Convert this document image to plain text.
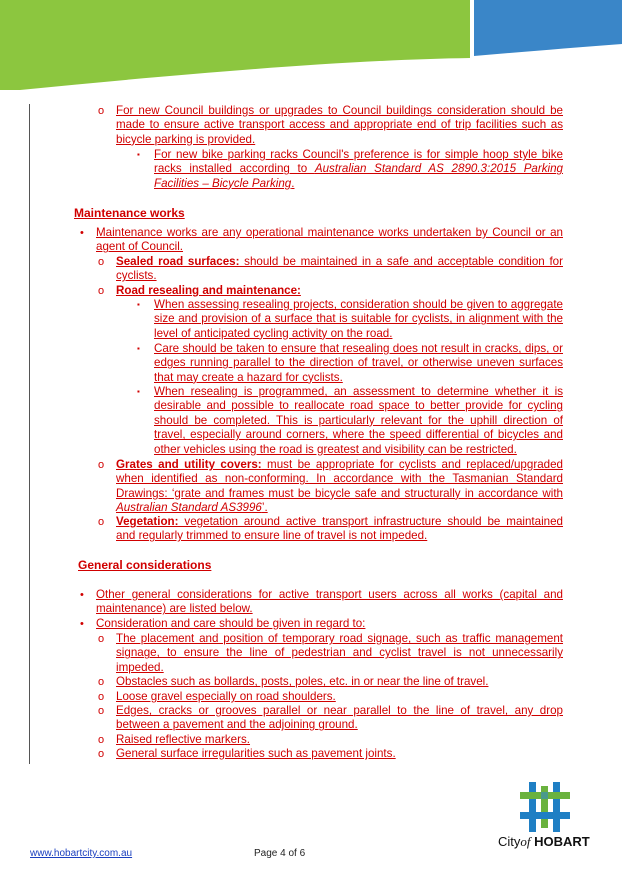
o For new Council buildings or upgrades to Council buildings consideration should be made to ensure active transport access and appropriate end of trip facilities such as bicycle parking is provided.
▪ For new bike parking racks Council's preference is for simple hoop style bike racks installed according to Australian Standard AS 2890.3:2015 Parking Facilities – Bicycle Parking.
Maintenance works
• Maintenance works are any operational maintenance works undertaken by Council or an agent of Council.
o Sealed road surfaces: should be maintained in a safe and acceptable condition for cyclists.
o Road resealing and maintenance:
▪ When assessing resealing projects, consideration should be given to aggregate size and provision of a surface that is suitable for cyclists, in alignment with the level of anticipated cycling activity on the road.
▪ Care should be taken to ensure that resealing does not result in cracks, dips, or edges running parallel to the direction of travel, or otherwise uneven surfaces that may create a hazard for cyclists.
▪ When resealing is programmed, an assessment to determine whether it is desirable and possible to reallocate road space to better provide for cycling should be completed. This is particularly relevant for the uphill direction of travel, especially around corners, where the speed differential of bicycles and other vehicles using the road is greatest and visibility can be restricted.
o Grates and utility covers: must be appropriate for cyclists and replaced/upgraded when identified as non-conforming. In accordance with the Tasmanian Standard Drawings: ‘grate and frames must be bicycle safe and structurally in accordance with Australian Standard AS3996’.
o Vegetation: vegetation around active transport infrastructure should be maintained and regularly trimmed to ensure line of travel is not impeded.
General considerations
• Other general considerations for active transport users across all works (capital and maintenance) are listed below.
• Consideration and care should be given in regard to:
o The placement and position of temporary road signage, such as traffic management signage, to ensure the line of pedestrian and cyclist travel is not unnecessarily impeded.
o Obstacles such as bollards, posts, poles, etc. in or near the line of travel.
o Loose gravel especially on road shoulders.
o Edges, cracks or grooves parallel or near parallel to the line of travel, any drop between a pavement and the adjoining ground.
o Raised reflective markers.
o General surface irregularities such as pavement joints.
Cityof HOBART
www.hobartcity.com.au	Page 4 of 6
